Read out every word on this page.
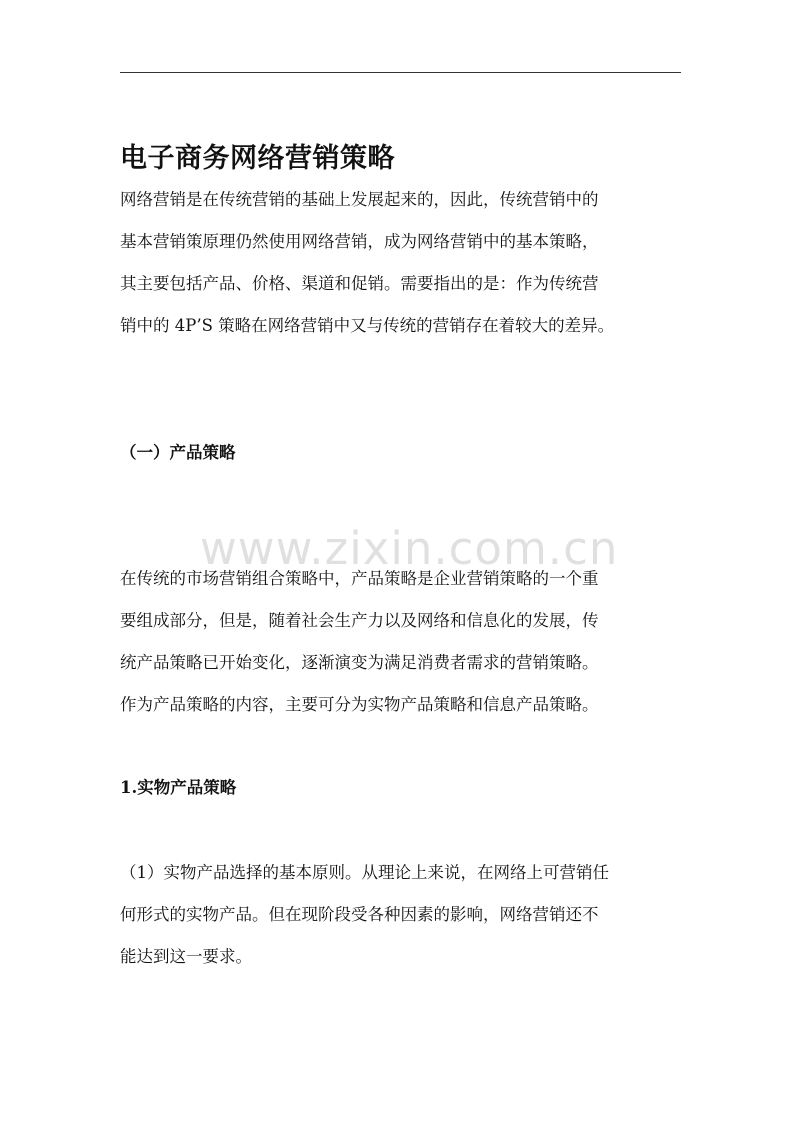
电子商务网络营销策略

网络营销是在传统营销的基础上发展起来的，因此，传统营销中的
基本营销策原理仍然使用网络营销，成为网络营销中的基本策略，
其主要包括产品、价格、渠道和促销。需要指出的是：作为传统营
销中的 4P’S 策略在网络营销中又与传统的营销存在着较大的差异。

（一）产品策略
www.zixin.com.cn

在传统的市场营销组合策略中，产品策略是企业营销策略的一个重
要组成部分，但是，随着社会生产力以及网络和信息化的发展，传
统产品策略已开始变化，逐渐演变为满足消费者需求的营销策略。
作为产品策略的内容，主要可分为实物产品策略和信息产品策略。

1.实物产品策略

（1）实物产品选择的基本原则。从理论上来说，在网络上可营销任
何形式的实物产品。但在现阶段受各种因素的影响，网络营销还不
能达到这一要求。
